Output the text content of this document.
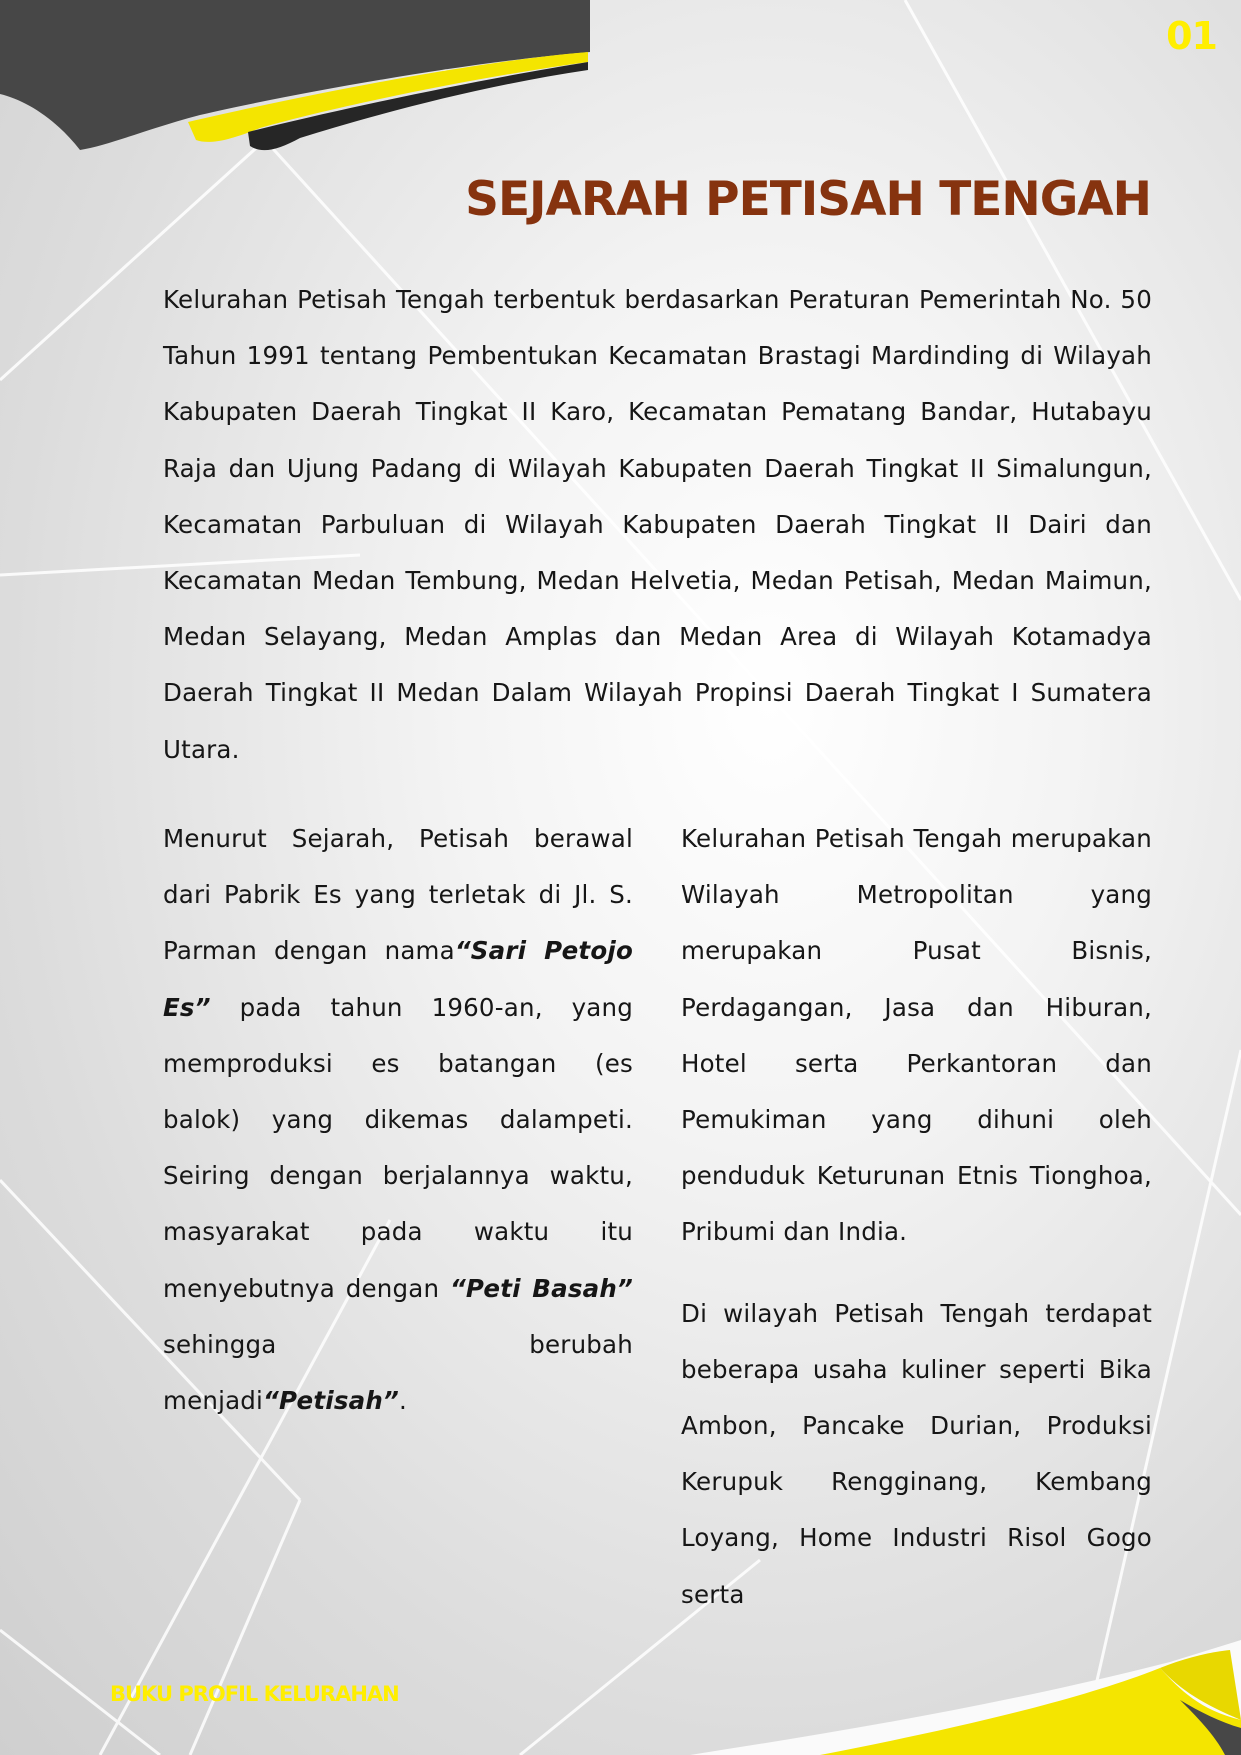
01
SEJARAH PETISAH TENGAH

Kelurahan Petisah Tengah terbentuk berdasarkan Peraturan Pemerintah No. 50 Tahun 1991 tentang Pembentukan Kecamatan Brastagi Mardinding di Wilayah Kabupaten Daerah Tingkat II Karo, Kecamatan Pematang Bandar, Hutabayu Raja dan Ujung Padang di Wilayah Kabupaten Daerah Tingkat II Simalungun, Kecamatan Parbuluan di Wilayah Kabupaten Daerah Tingkat II Dairi dan Kecamatan Medan Tembung, Medan Helvetia, Medan Petisah, Medan Maimun, Medan Selayang, Medan Amplas dan Medan Area di Wilayah Kotamadya Daerah Tingkat II Medan Dalam Wilayah Propinsi Daerah Tingkat I Sumatera Utara.

Menurut Sejarah, Petisah berawal dari Pabrik Es yang terletak di Jl. S. Parman dengan nama“Sari Petojo Es” pada tahun 1960-an, yang memproduksi es batangan (es balok) yang dikemas dalampeti. Seiring dengan berjalannya waktu, masyarakat pada waktu itu menyebutnya dengan “Peti Basah” sehingga berubah menjadi“Petisah”.

Kelurahan Petisah Tengah merupakan Wilayah Metropolitan yang merupakan Pusat Bisnis, Perdagangan, Jasa dan Hiburan, Hotel serta Perkantoran dan Pemukiman yang dihuni oleh penduduk Keturunan Etnis Tionghoa, Pribumi dan India.

Di wilayah Petisah Tengah terdapat beberapa usaha kuliner seperti Bika Ambon, Pancake Durian, Produksi Kerupuk Rengginang, Kembang Loyang, Home Industri Risol Gogo serta

BUKU PROFIL KELURAHAN
